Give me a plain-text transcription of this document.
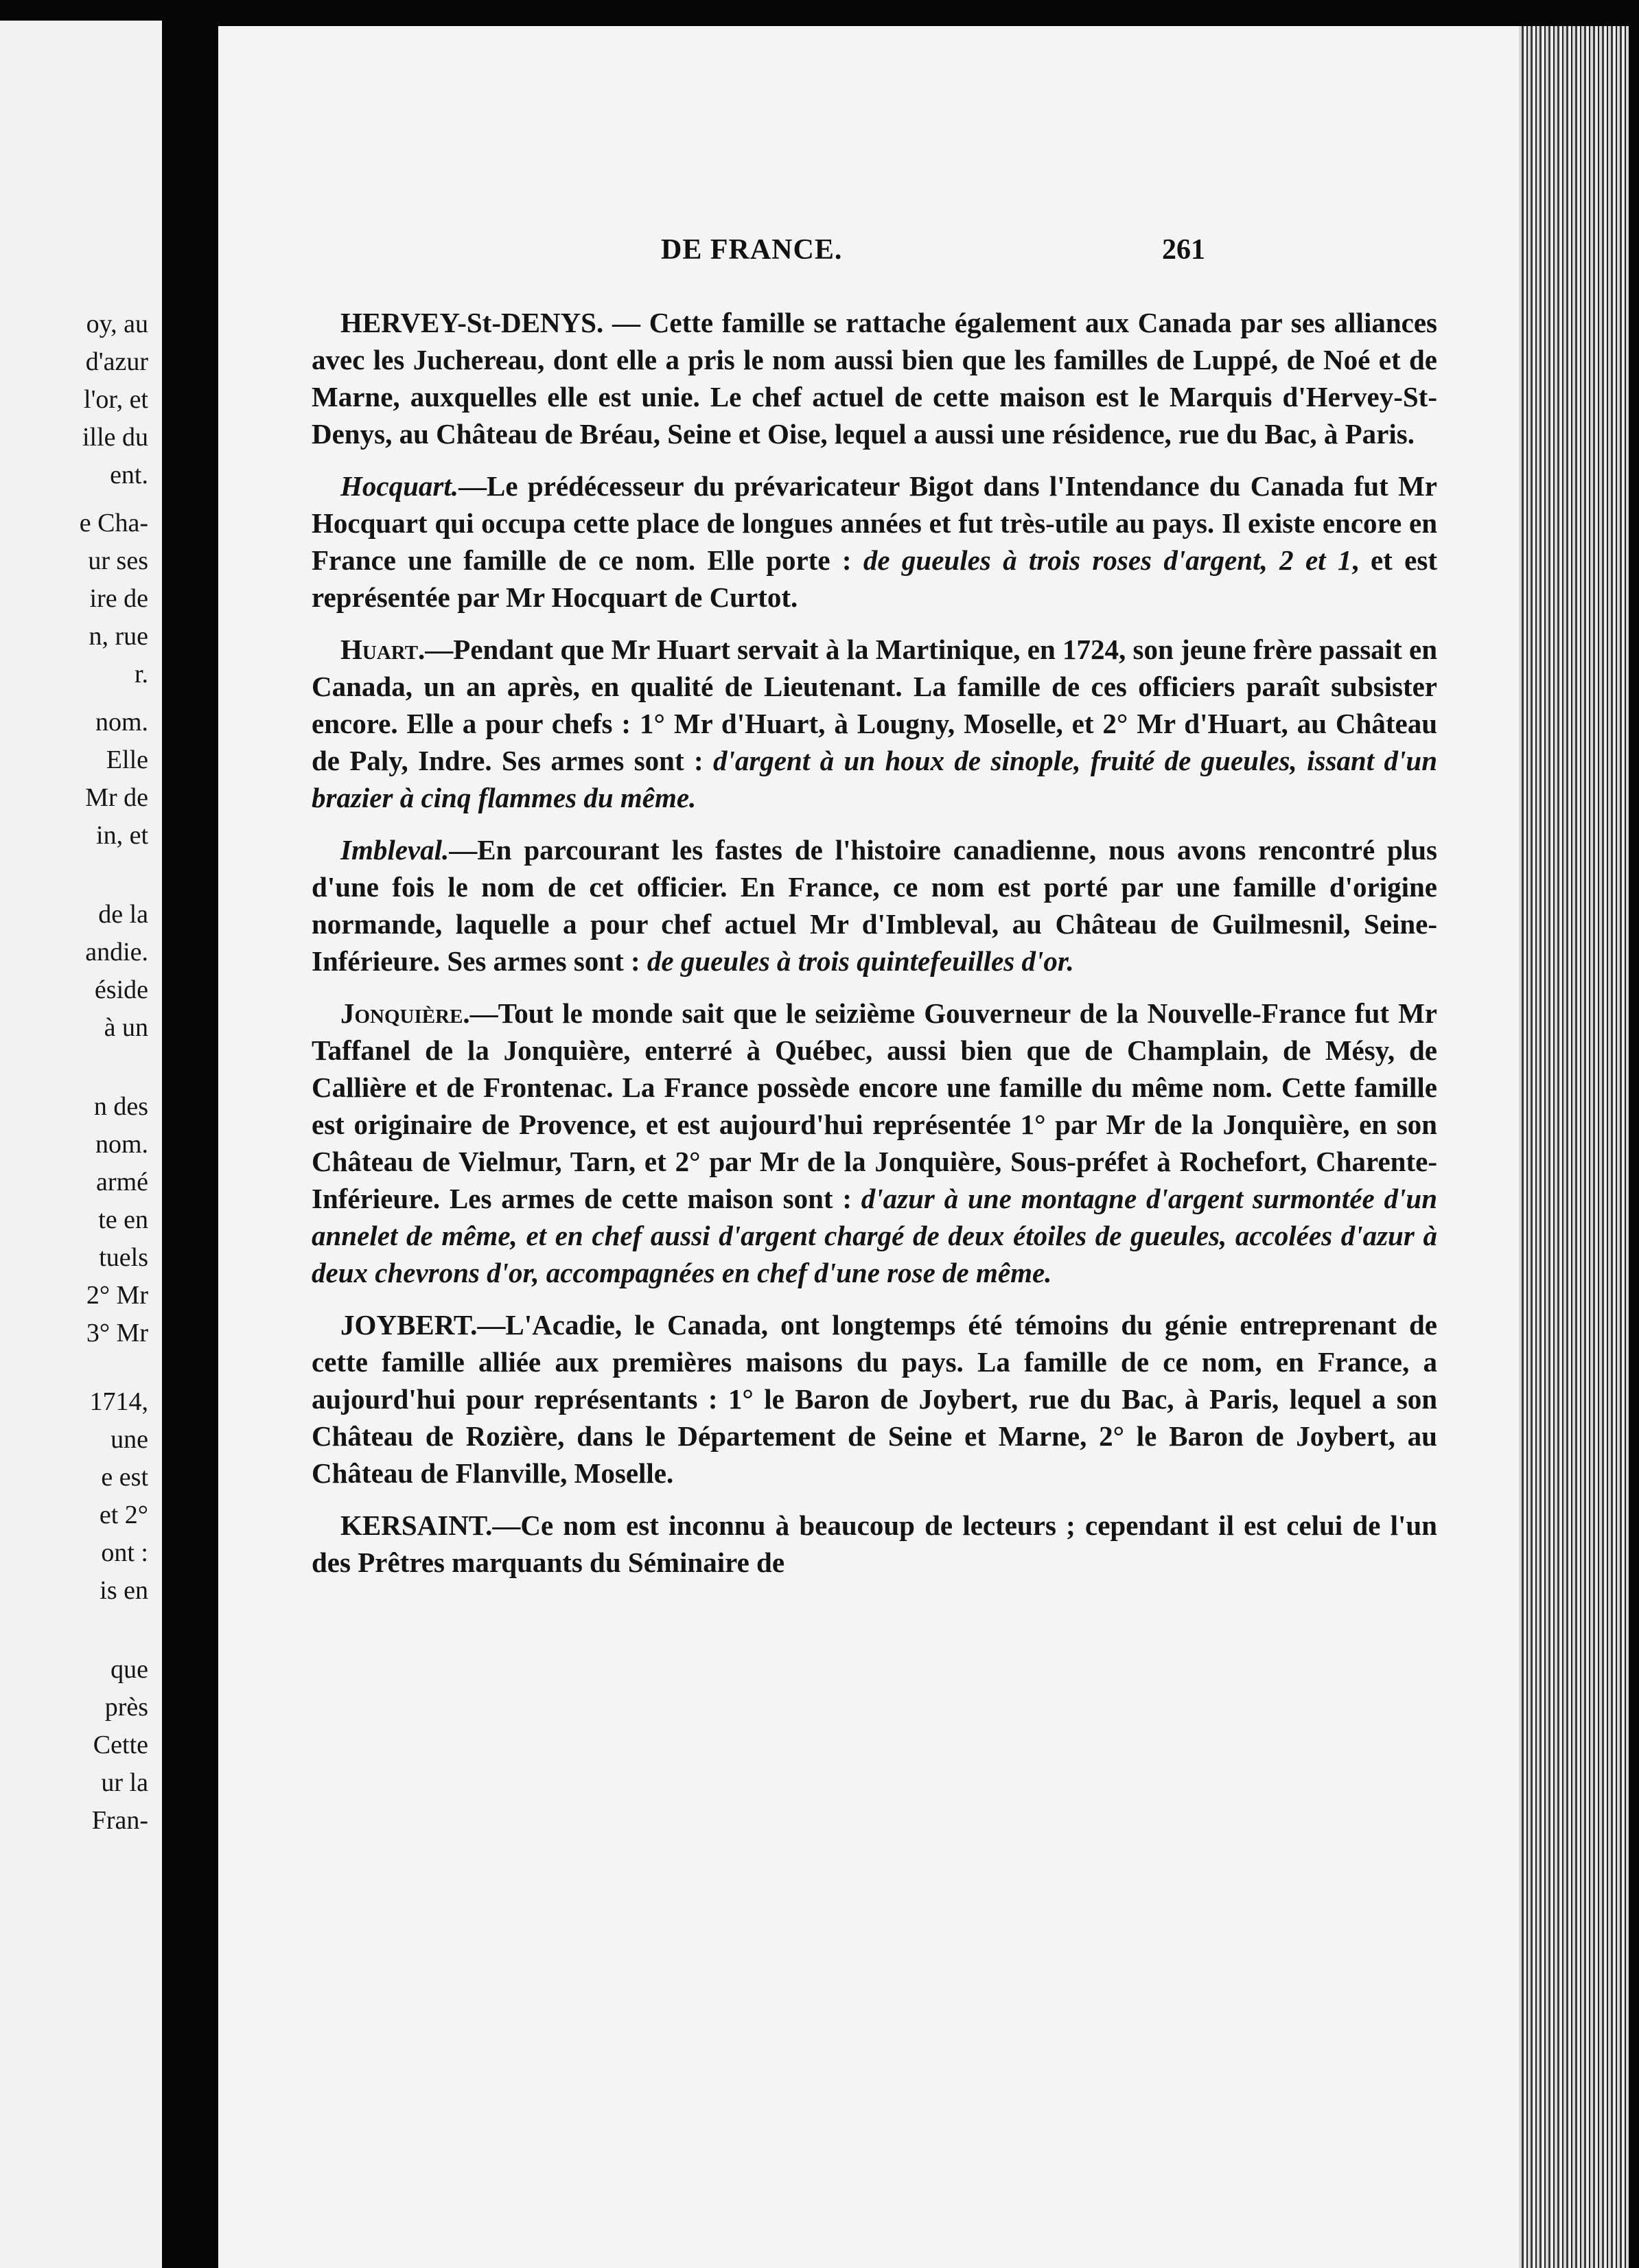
oy, au
d'azur
l'or, et
ille du
ent.
e Cha-
ur ses
ire de
n, rue
r.
nom.
Elle
Mr de
in, et
de la
andie.
éside
à un
n des
nom.
armé
te en
tuels
2° Mr
3° Mr
1714,
une
e est
et 2°
ont :
is en
que
près
Cette
ur la
Fran-
DE FRANCE.	261

HERVEY-St-DENYS. — Cette famille se rattache également aux Canada par ses alliances avec les Juchereau, dont elle a pris le nom aussi bien que les familles de Luppé, de Noé et de Marne, auxquelles elle est unie. Le chef actuel de cette maison est le Marquis d'Hervey-St-Denys, au Château de Bréau, Seine et Oise, lequel a aussi une résidence, rue du Bac, à Paris.

Hocquart.—Le prédécesseur du prévaricateur Bigot dans l'Intendance du Canada fut Mr Hocquart qui occupa cette place de longues années et fut très-utile au pays. Il existe encore en France une famille de ce nom. Elle porte : de gueules à trois roses d'argent, 2 et 1, et est représentée par Mr Hocquart de Curtot.

Huart.—Pendant que Mr Huart servait à la Martinique, en 1724, son jeune frère passait en Canada, un an après, en qualité de Lieutenant. La famille de ces officiers paraît subsister encore. Elle a pour chefs : 1° Mr d'Huart, à Lougny, Moselle, et 2° Mr d'Huart, au Château de Paly, Indre. Ses armes sont : d'argent à un houx de sinople, fruité de gueules, issant d'un brazier à cinq flammes du même.

Imbleval.—En parcourant les fastes de l'histoire canadienne, nous avons rencontré plus d'une fois le nom de cet officier. En France, ce nom est porté par une famille d'origine normande, laquelle a pour chef actuel Mr d'Imbleval, au Château de Guilmesnil, Seine-Inférieure. Ses armes sont : de gueules à trois quintefeuilles d'or.

Jonquière.—Tout le monde sait que le seizième Gouverneur de la Nouvelle-France fut Mr Taffanel de la Jonquière, enterré à Québec, aussi bien que de Champlain, de Mésy, de Callière et de Frontenac. La France possède encore une famille du même nom. Cette famille est originaire de Provence, et est aujourd'hui représentée 1° par Mr de la Jonquière, en son Château de Vielmur, Tarn, et 2° par Mr de la Jonquière, Sous-préfet à Rochefort, Charente-Inférieure. Les armes de cette maison sont : d'azur à une montagne d'argent surmontée d'un annelet de même, et en chef aussi d'argent chargé de deux étoiles de gueules, accolées d'azur à deux chevrons d'or, accompagnées en chef d'une rose de même.

JOYBERT.—L'Acadie, le Canada, ont longtemps été témoins du génie entreprenant de cette famille alliée aux premières maisons du pays. La famille de ce nom, en France, a aujourd'hui pour représentants : 1° le Baron de Joybert, rue du Bac, à Paris, lequel a son Château de Rozière, dans le Département de Seine et Marne, 2° le Baron de Joybert, au Château de Flanville, Moselle.

KERSAINT.—Ce nom est inconnu à beaucoup de lecteurs ; cependant il est celui de l'un des Prêtres marquants du Séminaire de
